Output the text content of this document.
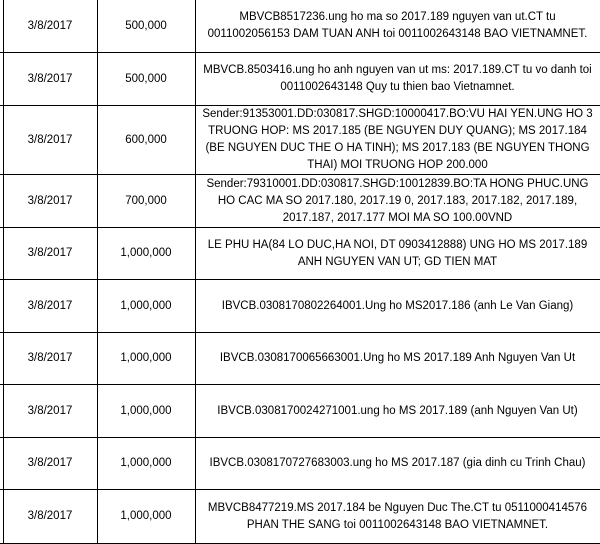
	3/8/2017	500,000	MBVCB8517236.ung ho ma so 2017.189 nguyen van ut.CT tu 0011002056153 DAM TUAN ANH toi 0011002643148 BAO VIETNAMNET.
	3/8/2017	500,000	MBVCB.8503416.ung ho anh nguyen van ut ms: 2017.189.CT tu vo danh toi 0011002643148 Quy tu thien bao Vietnamnet.
	3/8/2017	600,000	Sender:91353001.DD:030817.SHGD:10000417.BO:VU HAI YEN.UNG HO 3 TRUONG HOP: MS 2017.185 (BE NGUYEN DUY QUANG); MS 2017.184 (BE NGUYEN DUC THE O HA TINH); MS 2017.183 (BE NGUYEN THONG THAI) MOI TRUONG HOP 200.000
	3/8/2017	700,000	Sender:79310001.DD:030817.SHGD:10012839.BO:TA HONG PHUC.UNG HO CAC MA SO 2017.180, 2017.19 0, 2017.183, 2017.182, 2017.189, 2017.187, 2017.177 MOI MA SO 100.00VND
	3/8/2017	1,000,000	LE PHU HA(84 LO DUC,HA NOI, DT 0903412888) UNG HO MS 2017.189 ANH NGUYEN VAN UT; GD TIEN MAT
	3/8/2017	1,000,000	IBVCB.0308170802264001.Ung ho MS2017.186 (anh Le Van Giang)
	3/8/2017	1,000,000	IBVCB.0308170065663001.Ung ho MS 2017.189 Anh Nguyen Van Ut
	3/8/2017	1,000,000	IBVCB.0308170024271001.ung ho MS 2017.189 (anh Nguyen Van Ut)
	3/8/2017	1,000,000	IBVCB.0308170727683003.ung ho MS 2017.187 (gia dinh cu Trinh Chau)
	3/8/2017	1,000,000	MBVCB8477219.MS 2017.184 be Nguyen Duc The.CT tu 0511000414576 PHAN THE SANG toi 0011002643148 BAO VIETNAMNET.
